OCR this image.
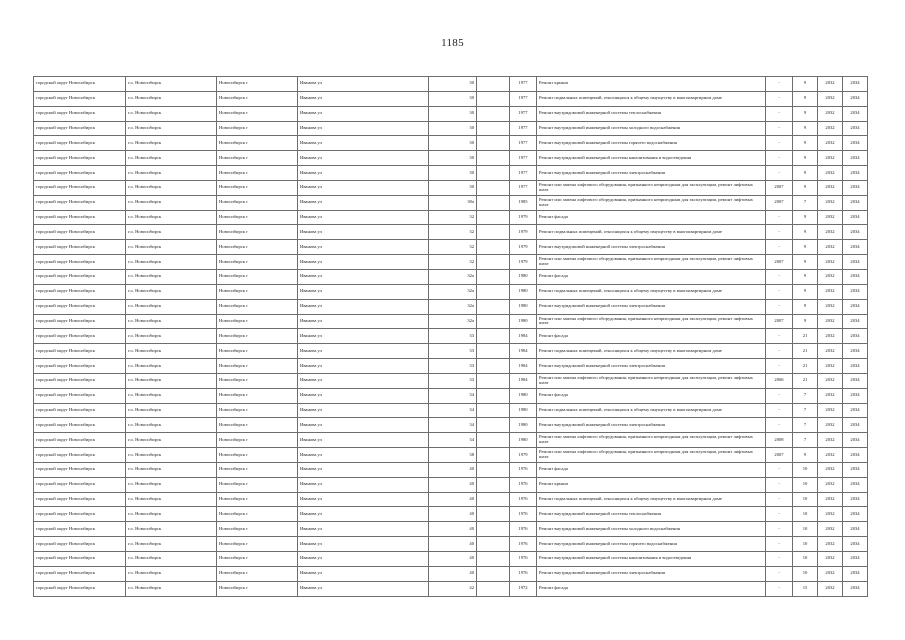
1185
городской округ Новосибирск	г.о. Новосибирск	Новосибирск г	Иванова ул	30		1977	Ремонт крыши	-	9	2032	2034
городской округ Новосибирск	г.о. Новосибирск	Новосибирск г	Иванова ул	30		1977	Ремонт подвальных помещений, относящихся к общему имуществу в многоквартирном доме	-	9	2032	2034
городской округ Новосибирск	г.о. Новосибирск	Новосибирск г	Иванова ул	30		1977	Ремонт внутридомовой инженерной системы теплоснабжения	-	9	2032	2034
городской округ Новосибирск	г.о. Новосибирск	Новосибирск г	Иванова ул	30		1977	Ремонт внутридомовой инженерной системы холодного водоснабжения	-	9	2032	2034
городской округ Новосибирск	г.о. Новосибирск	Новосибирск г	Иванова ул	30		1977	Ремонт внутридомовой инженерной системы горячего водоснабжения	-	9	2032	2034
городской округ Новосибирск	г.о. Новосибирск	Новосибирск г	Иванова ул	30		1977	Ремонт внутридомовой инженерной системы канализования и водоотведения	-	9	2032	2034
городской округ Новосибирск	г.о. Новосибирск	Новосибирск г	Иванова ул	30		1977	Ремонт внутридомовой инженерной системы электроснабжения	-	9	2032	2034
городской округ Новосибирск	г.о. Новосибирск	Новосибирск г	Иванова ул	30		1977	Ремонт или замена лифтового оборудования, признанного непригодным для эксплуатации, ремонт лифтовых шахт	2007	9	2032	2034
городской округ Новосибирск	г.о. Новосибирск	Новосибирск г	Иванова ул	30а		1985	Ремонт или замена лифтового оборудования, признанного непригодным для эксплуатации, ремонт лифтовых шахт	2007	7	2032	2034
городской округ Новосибирск	г.о. Новосибирск	Новосибирск г	Иванова ул	32		1979	Ремонт фасада	-	9	2032	2034
городской округ Новосибирск	г.о. Новосибирск	Новосибирск г	Иванова ул	32		1979	Ремонт подвальных помещений, относящихся к общему имуществу в многоквартирном доме	-	9	2032	2034
городской округ Новосибирск	г.о. Новосибирск	Новосибирск г	Иванова ул	32		1979	Ремонт внутридомовой инженерной системы электроснабжения	-	9	2032	2034
городской округ Новосибирск	г.о. Новосибирск	Новосибирск г	Иванова ул	32		1979	Ремонт или замена лифтового оборудования, признанного непригодным для эксплуатации, ремонт лифтовых шахт	2007	9	2032	2034
городской округ Новосибирск	г.о. Новосибирск	Новосибирск г	Иванова ул	32а		1980	Ремонт фасада	-	9	2032	2034
городской округ Новосибирск	г.о. Новосибирск	Новосибирск г	Иванова ул	32а		1980	Ремонт подвальных помещений, относящихся к общему имуществу в многоквартирном доме	-	9	2032	2034
городской округ Новосибирск	г.о. Новосибирск	Новосибирск г	Иванова ул	32а		1980	Ремонт внутридомовой инженерной системы электроснабжения	-	9	2032	2034
городской округ Новосибирск	г.о. Новосибирск	Новосибирск г	Иванова ул	32а		1980	Ремонт или замена лифтового оборудования, признанного непригодным для эксплуатации, ремонт лифтовых шахт	2007	9	2032	2034
городской округ Новосибирск	г.о. Новосибирск	Новосибирск г	Иванова ул	33		1984	Ремонт фасада	-	21	2032	2034
городской округ Новосибирск	г.о. Новосибирск	Новосибирск г	Иванова ул	33		1984	Ремонт подвальных помещений, относящихся к общему имуществу в многоквартирном доме	-	21	2032	2034
городской округ Новосибирск	г.о. Новосибирск	Новосибирск г	Иванова ул	33		1984	Ремонт внутридомовой инженерной системы электроснабжения	-	21	2032	2034
городской округ Новосибирск	г.о. Новосибирск	Новосибирск г	Иванова ул	33		1984	Ремонт или замена лифтового оборудования, признанного непригодным для эксплуатации, ремонт лифтовых шахт	2006	21	2032	2034
городской округ Новосибирск	г.о. Новосибирск	Новосибирск г	Иванова ул	34		1980	Ремонт фасада	-	7	2032	2034
городской округ Новосибирск	г.о. Новосибирск	Новосибирск г	Иванова ул	34		1980	Ремонт подвальных помещений, относящихся к общему имуществу в многоквартирном доме	-	7	2032	2034
городской округ Новосибирск	г.о. Новосибирск	Новосибирск г	Иванова ул	34		1980	Ремонт внутридомовой инженерной системы электроснабжения	-	7	2032	2034
городской округ Новосибирск	г.о. Новосибирск	Новосибирск г	Иванова ул	34		1980	Ремонт или замена лифтового оборудования, признанного непригодным для эксплуатации, ремонт лифтовых шахт	2008	7	2032	2034
городской округ Новосибирск	г.о. Новосибирск	Новосибирск г	Иванова ул	38		1979	Ремонт или замена лифтового оборудования, признанного непригодным для эксплуатации, ремонт лифтовых шахт	2007	9	2032	2034
городской округ Новосибирск	г.о. Новосибирск	Новосибирск г	Иванова ул	40		1976	Ремонт фасада	-	10	2032	2034
городской округ Новосибирск	г.о. Новосибирск	Новосибирск г	Иванова ул	40		1976	Ремонт крыши	-	10	2032	2034
городской округ Новосибирск	г.о. Новосибирск	Новосибирск г	Иванова ул	40		1976	Ремонт подвальных помещений, относящихся к общему имуществу в многоквартирном доме	-	10	2032	2034
городской округ Новосибирск	г.о. Новосибирск	Новосибирск г	Иванова ул	40		1976	Ремонт внутридомовой инженерной системы теплоснабжения	-	10	2032	2034
городской округ Новосибирск	г.о. Новосибирск	Новосибирск г	Иванова ул	40		1976	Ремонт внутридомовой инженерной системы холодного водоснабжения	-	10	2032	2034
городской округ Новосибирск	г.о. Новосибирск	Новосибирск г	Иванова ул	40		1976	Ремонт внутридомовой инженерной системы горячего водоснабжения	-	10	2032	2034
городской округ Новосибирск	г.о. Новосибирск	Новосибирск г	Иванова ул	40		1976	Ремонт внутридомовой инженерной системы канализования и водоотведения	-	10	2032	2034
городской округ Новосибирск	г.о. Новосибирск	Новосибирск г	Иванова ул	40		1976	Ремонт внутридомовой инженерной системы электроснабжения	-	10	2032	2034
городской округ Новосибирск	г.о. Новосибирск	Новосибирск г	Иванова ул	42		1972	Ремонт фасада	-	15	2032	2034
